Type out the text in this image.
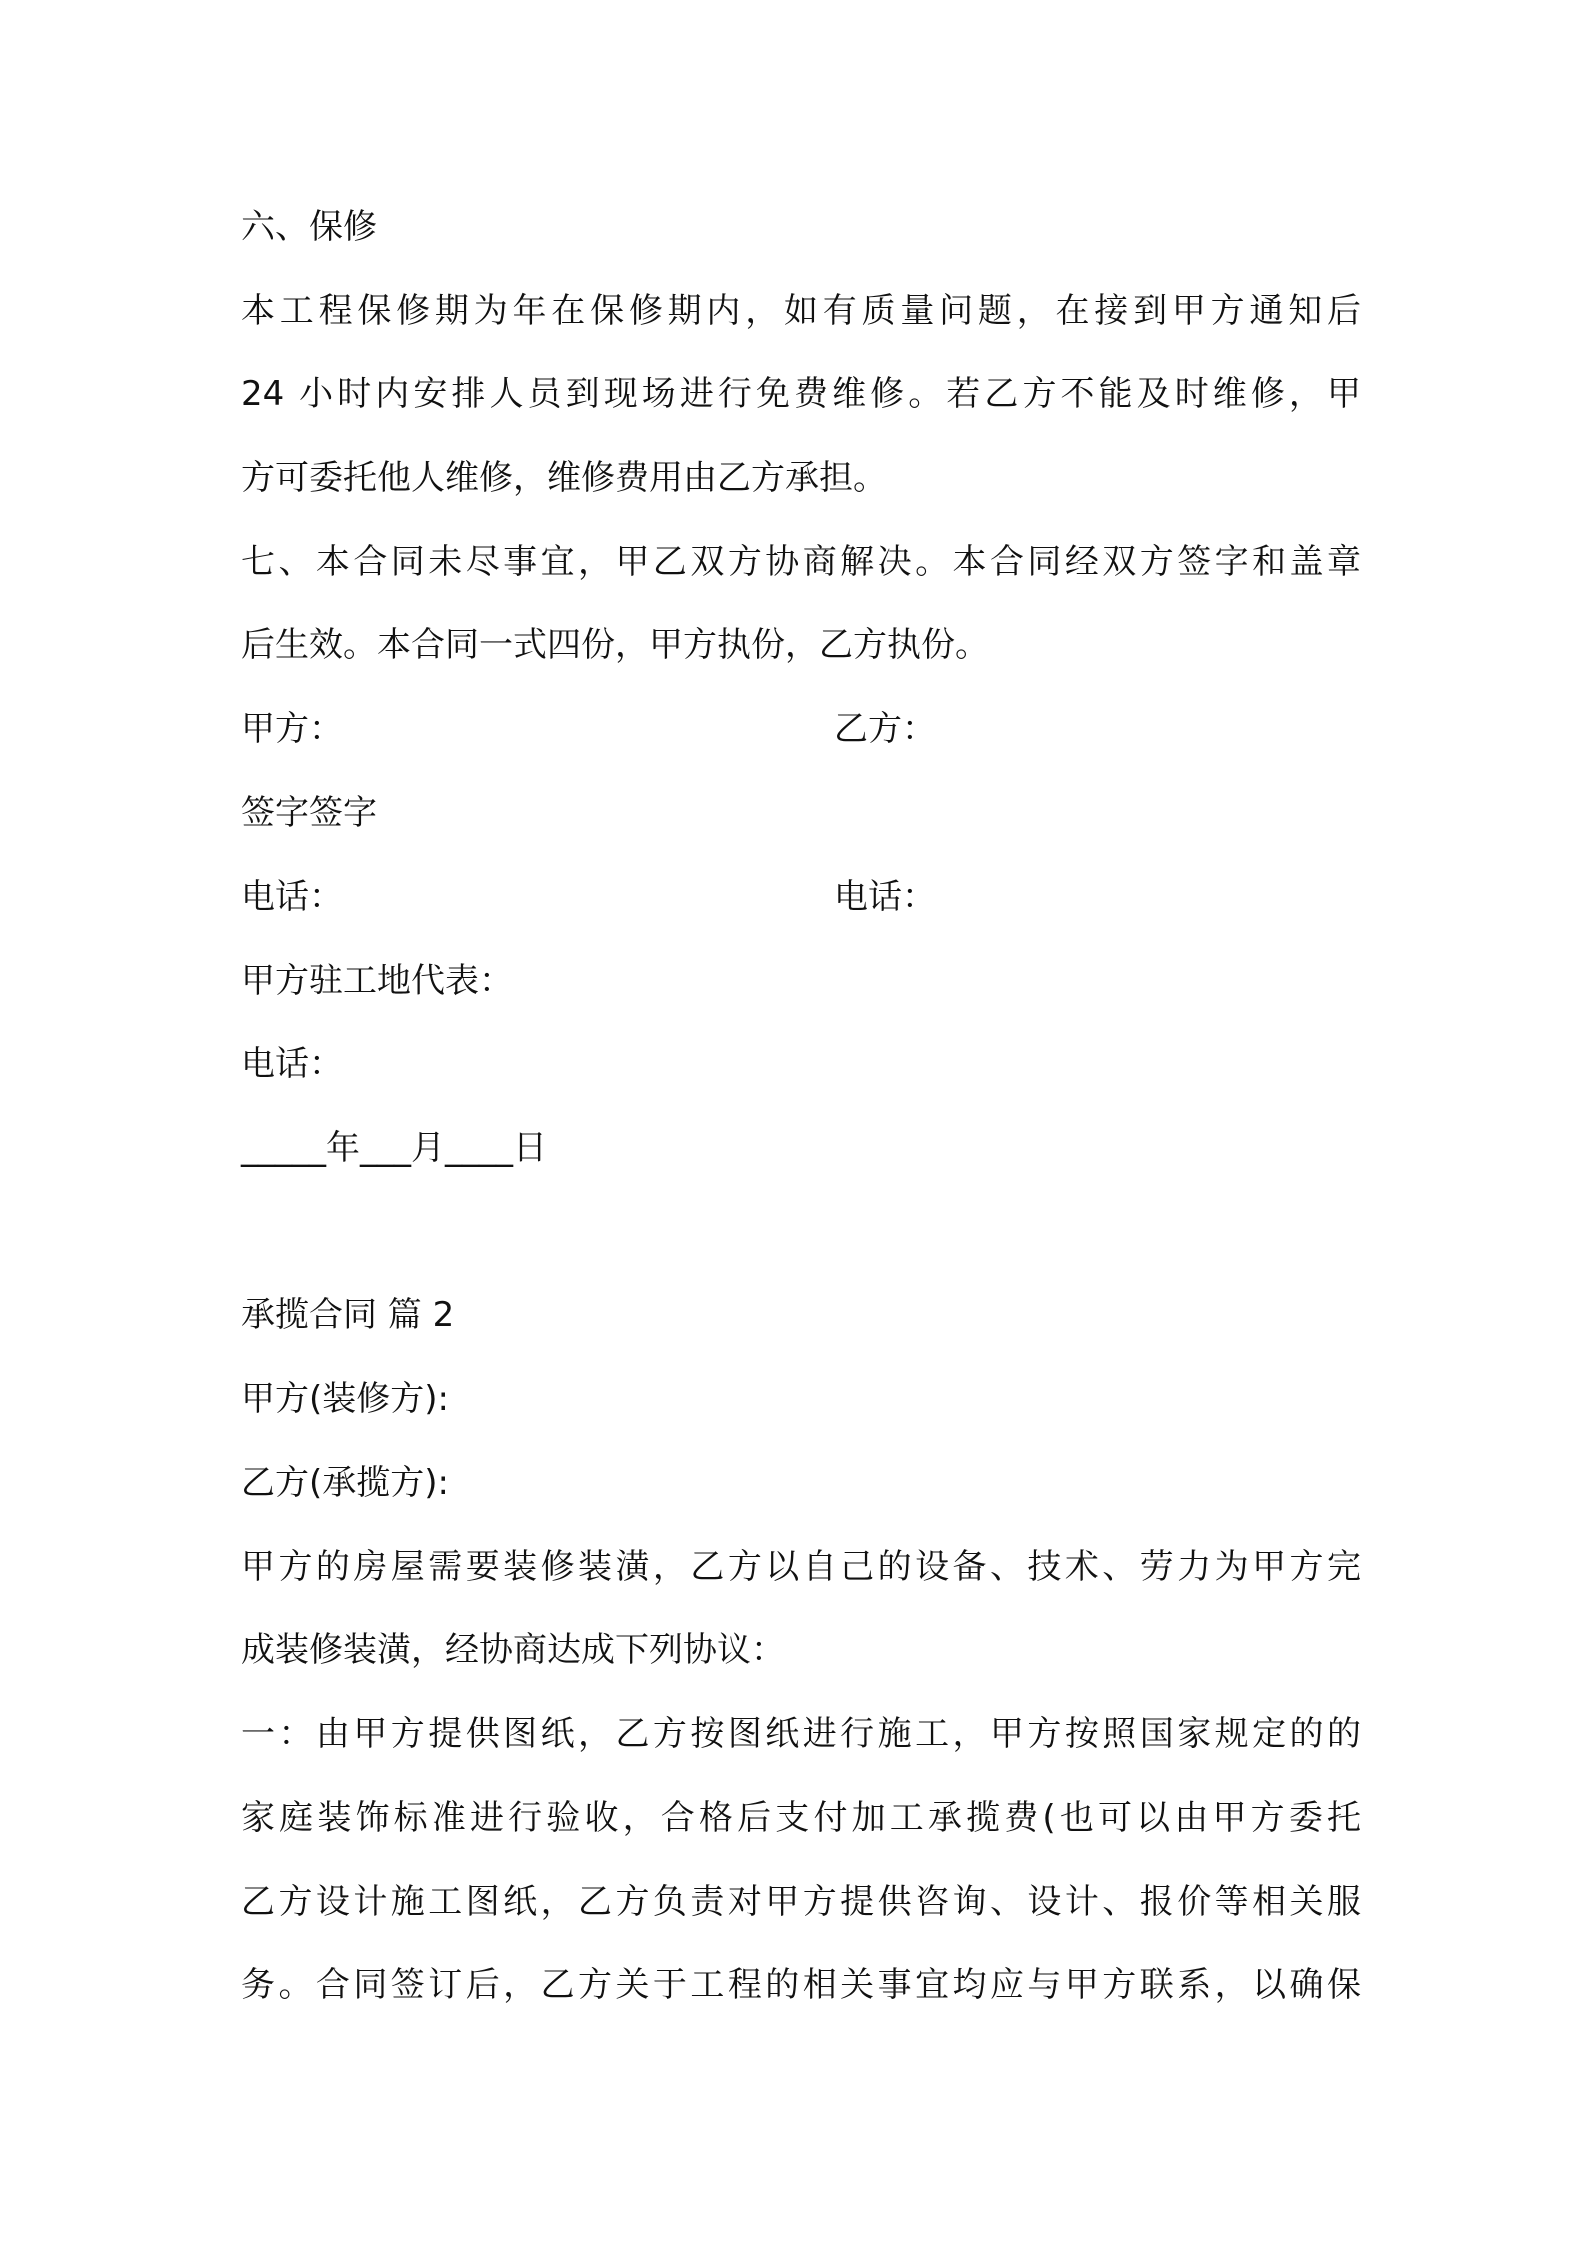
六、保修
本工程保修期为年在保修期内，如有质量问题，在接到甲方通知后
24 小时内安排人员到现场进行免费维修。若乙方不能及时维修，甲
方可委托他人维修，维修费用由乙方承担。
七、本合同未尽事宜，甲乙双方协商解决。本合同经双方签字和盖章
后生效。本合同一式四份，甲方执份，乙方执份。
甲方：	乙方：
签字签字
电话：	电话：
甲方驻工地代表：
电话：
_____年___月____日
承揽合同 篇 2
甲方(装修方):
乙方(承揽方):
甲方的房屋需要装修装潢，乙方以自己的设备、技术、劳力为甲方完
成装修装潢，经协商达成下列协议：
一：由甲方提供图纸，乙方按图纸进行施工，甲方按照国家规定的的
家庭装饰标准进行验收，合格后支付加工承揽费(也可以由甲方委托
乙方设计施工图纸，乙方负责对甲方提供咨询、设计、报价等相关服
务。合同签订后，乙方关于工程的相关事宜均应与甲方联系，以确保
